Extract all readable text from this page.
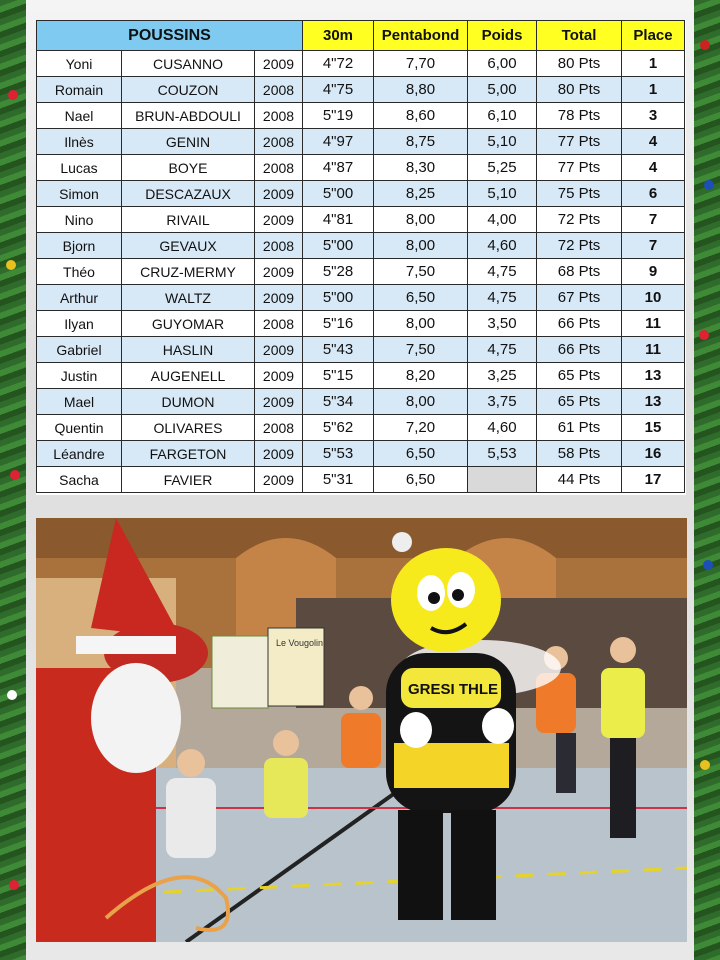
POUSSINS			30m	Pentabond	Poids	Total	Place
Yoni	CUSANNO	2009	4"72	7,70	6,00	80 Pts	1
Romain	COUZON	2008	4"75	8,80	5,00	80 Pts	1
Nael	BRUN-ABDOULI	2008	5"19	8,60	6,10	78 Pts	3
Ilnès	GENIN	2008	4"97	8,75	5,10	77 Pts	4
Lucas	BOYE	2008	4"87	8,30	5,25	77 Pts	4
Simon	DESCAZAUX	2009	5"00	8,25	5,10	75 Pts	6
Nino	RIVAIL	2009	4"81	8,00	4,00	72 Pts	7
Bjorn	GEVAUX	2008	5"00	8,00	4,60	72 Pts	7
Théo	CRUZ-MERMY	2009	5"28	7,50	4,75	68 Pts	9
Arthur	WALTZ	2009	5"00	6,50	4,75	67 Pts	10
Ilyan	GUYOMAR	2008	5"16	8,00	3,50	66 Pts	11
Gabriel	HASLIN	2009	5"43	7,50	4,75	66 Pts	11
Justin	AUGENELL	2009	5"15	8,20	3,25	65 Pts	13
Mael	DUMON	2009	5"34	8,00	3,75	65 Pts	13
Quentin	OLIVARES	2008	5"62	7,20	4,60	61 Pts	15
Léandre	FARGETON	2009	5"53	6,50	5,53	58 Pts	16
Sacha	FAVIER	2009	5"31	6,50		44 Pts	17
Le Vougolin
GRESI THLE
